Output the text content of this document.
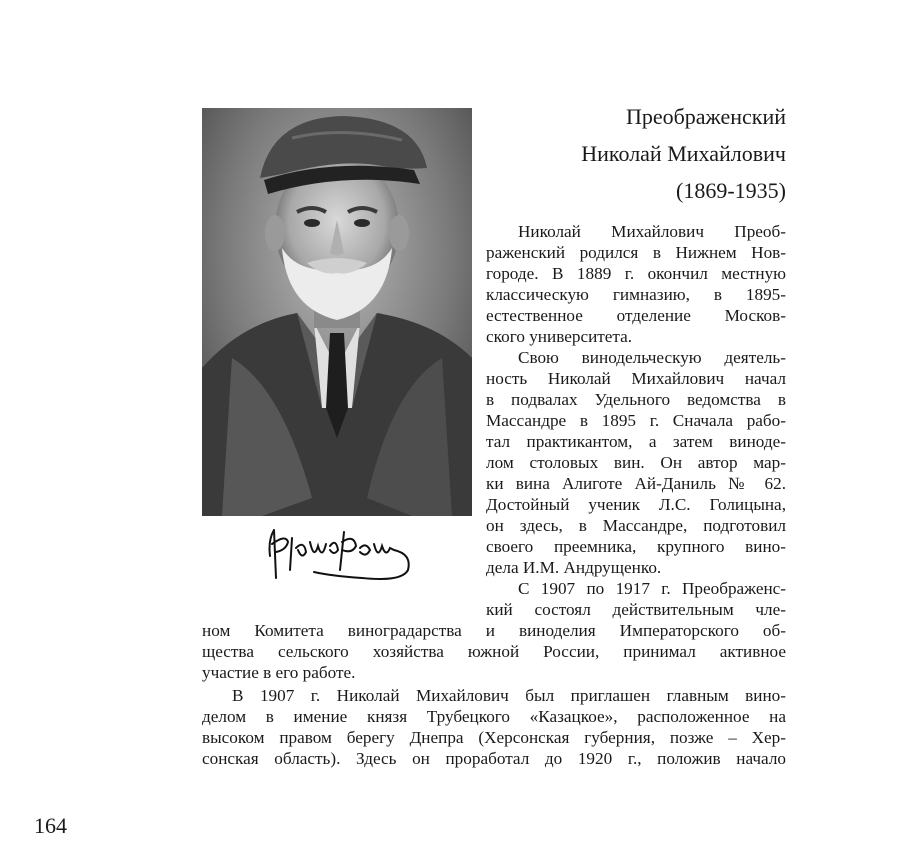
Преображенский
Николай Михайлович
(1869-1935)
Николай Михайлович Преоб-
раженский родился в Нижнем Нов-
городе. В 1889 г. окончил местную
классическую гимназию, в 1895-
естественное отделение Москов-
ского университета.
Свою винодельческую деятель-
ность Николай Михайлович начал
в подвалах Удельного ведомства в
Массандре в 1895 г. Сначала рабо-
тал практикантом, а затем виноде-
лом столовых вин. Он автор мар-
ки вина Алиготе Ай-Даниль № 62.
Достойный ученик Л.С. Голицына,
он здесь, в Массандре, подготовил
своего преемника, крупного вино-
дела И.М. Андрущенко.
С 1907 по 1917 г. Преображенс-
кий состоял действительным чле-
ном Комитета виноградарства и виноделия Императорского об-
щества сельского хозяйства южной России, принимал активное
участие в его работе.
В 1907 г. Николай Михайлович был приглашен главным вино-
делом в имение князя Трубецкого «Казацкое», расположенное на
высоком правом берегу Днепра (Херсонская губерния, позже – Хер-
сонская область). Здесь он проработал до 1920 г., положив начало
164
